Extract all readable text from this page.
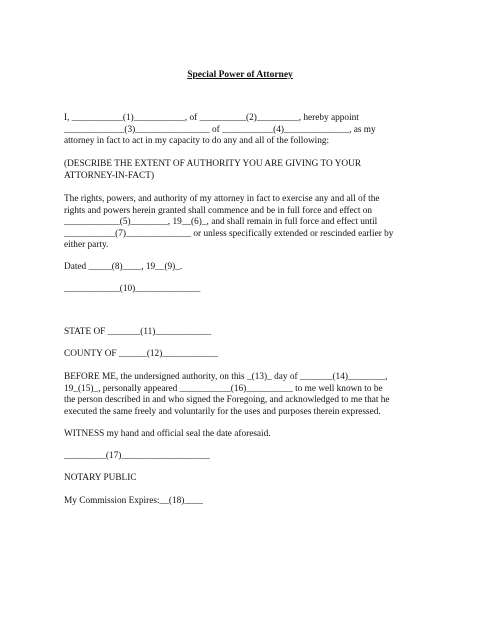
Special Power of Attorney
I, ___________(1)___________, of __________(2)_________, hereby appoint
_____________(3)________________ of ___________(4)______________, as my
attorney in fact to act in my capacity to do any and all of the following:
(DESCRIBE THE EXTENT OF AUTHORITY YOU ARE GIVING TO YOUR
ATTORNEY-IN-FACT)
The rights, powers, and authority of my attorney in fact to exercise any and all of the
rights and powers herein granted shall commence and be in full force and effect on
____________(5)________, 19__(6)_, and shall remain in full force and effect until
___________(7)______________ or unless specifically extended or rescinded earlier by
either party.
Dated _____(8)____, 19__(9)_.
____________(10)______________
STATE OF _______(11)____________
COUNTY OF ______(12)____________
BEFORE ME, the undersigned authority, on this _(13)_ day of _______(14)________,
19_(15)_, personally appeared ___________(16)__________ to me well known to be
the person described in and who signed the Foregoing, and acknowledged to me that he
executed the same freely and voluntarily for the uses and purposes therein expressed.
WITNESS my hand and official seal the date aforesaid.
_________(17)___________________
NOTARY PUBLIC
My Commission Expires:__(18)____
